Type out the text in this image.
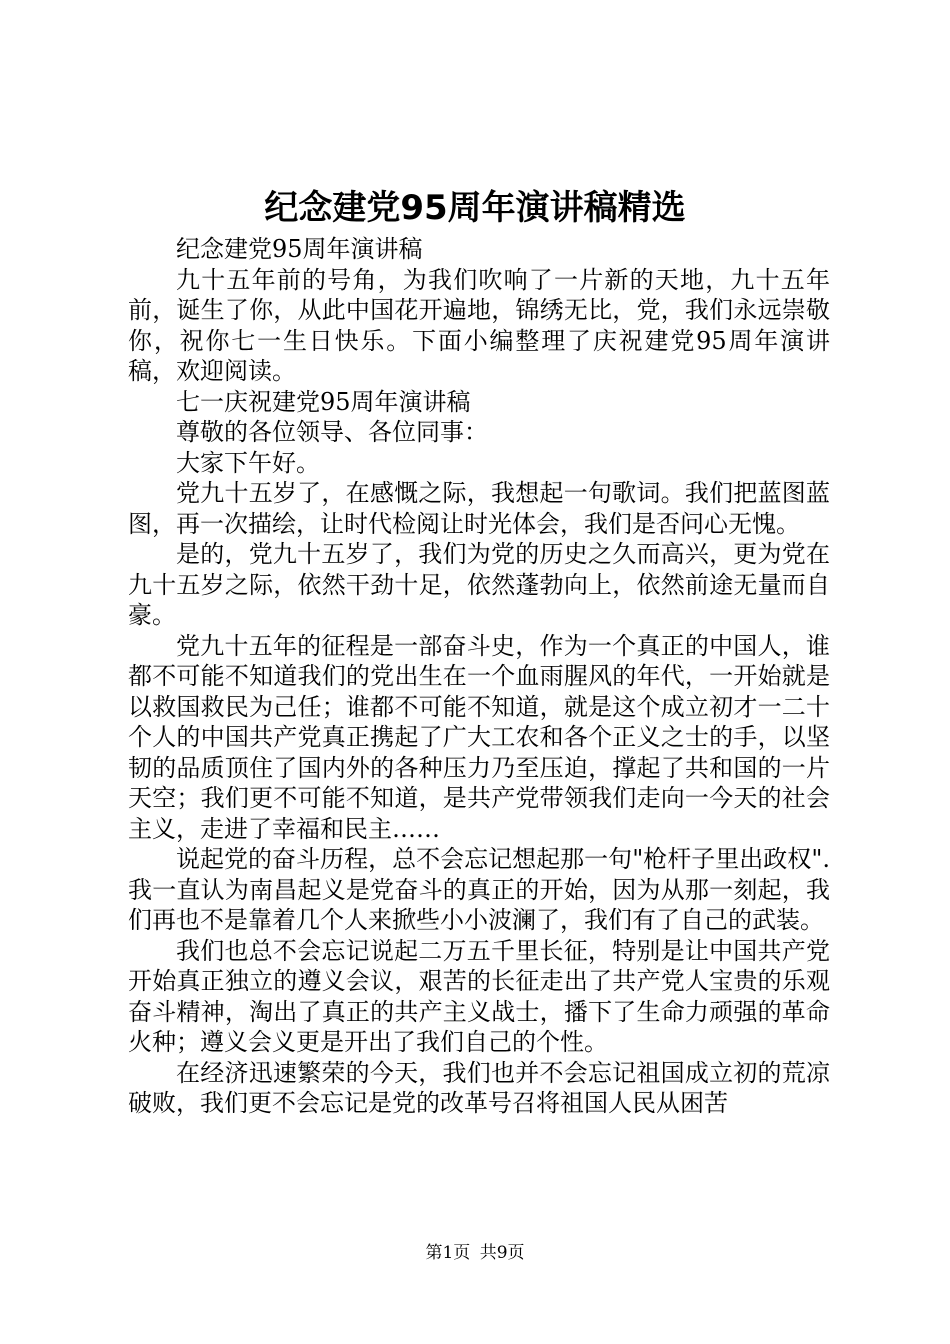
纪念建党95周年演讲稿精选

纪念建党95周年演讲稿

九十五年前的号角，为我们吹响了一片新的天地，九十五年前，诞生了你，从此中国花开遍地，锦绣无比，党，我们永远崇敬你，祝你七一生日快乐。下面小编整理了庆祝建党95周年演讲稿，欢迎阅读。

七一庆祝建党95周年演讲稿

尊敬的各位领导、各位同事：

大家下午好。

党九十五岁了，在感慨之际，我想起一句歌词。我们把蓝图蓝图，再一次描绘，让时代检阅让时光体会，我们是否问心无愧。

是的，党九十五岁了，我们为党的历史之久而高兴，更为党在九十五岁之际，依然干劲十足，依然蓬勃向上，依然前途无量而自豪。

党九十五年的征程是一部奋斗史，作为一个真正的中国人，谁都不可能不知道我们的党出生在一个血雨腥风的年代，一开始就是以救国救民为己任；谁都不可能不知道，就是这个成立初才一二十个人的中国共产党真正携起了广大工农和各个正义之士的手，以坚韧的品质顶住了国内外的各种压力乃至压迫，撑起了共和国的一片天空；我们更不可能不知道，是共产党带领我们走向一今天的社会主义，走进了幸福和民主……

说起党的奋斗历程，总不会忘记想起那一句"枪杆子里出政权".我一直认为南昌起义是党奋斗的真正的开始，因为从那一刻起，我们再也不是靠着几个人来掀些小小波澜了，我们有了自己的武装。

我们也总不会忘记说起二万五千里长征，特别是让中国共产党开始真正独立的遵义会议，艰苦的长征走出了共产党人宝贵的乐观奋斗精神，淘出了真正的共产主义战士，播下了生命力顽强的革命火种；遵义会义更是开出了我们自己的个性。

在经济迅速繁荣的今天，我们也并不会忘记祖国成立初的荒凉破败，我们更不会忘记是党的改革号召将祖国人民从困苦

第1页 共9页
